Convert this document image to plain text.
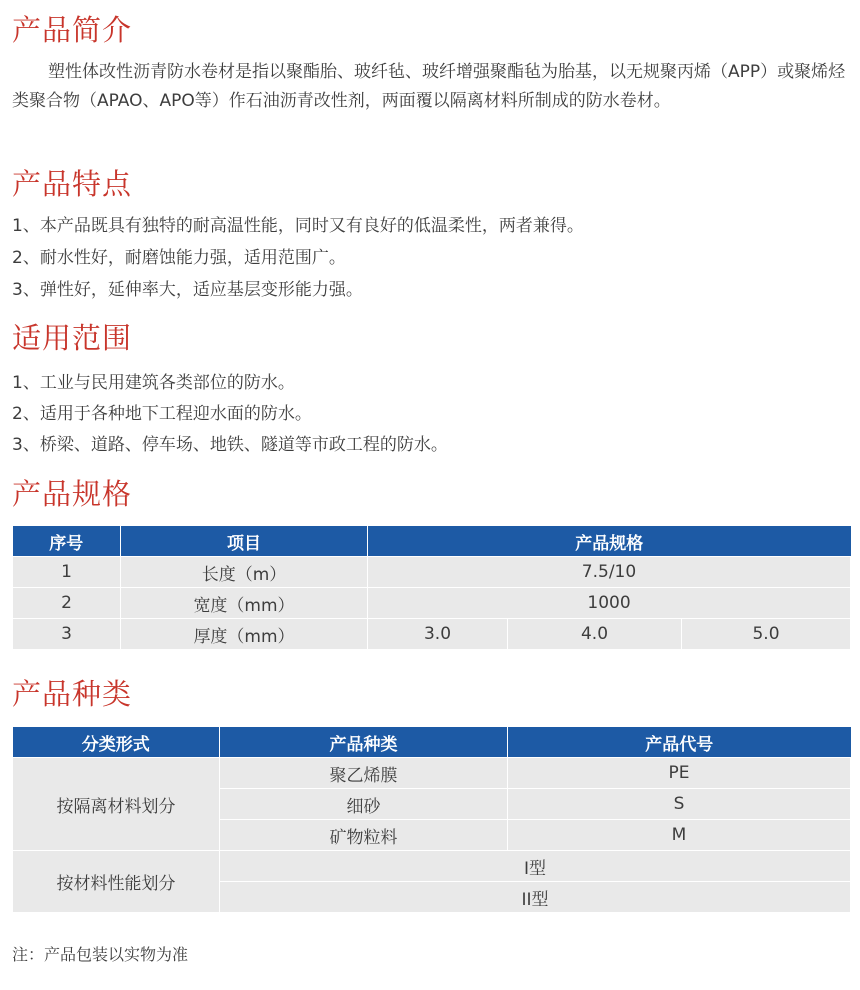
产品简介

塑性体改性沥青防水卷材是指以聚酯胎、玻纤毡、玻纤增强聚酯毡为胎基，以无规聚丙烯（APP）或聚烯烃类聚合物（APAO、APO等）作石油沥青改性剂，两面覆以隔离材料所制成的防水卷材。

产品特点
1、本产品既具有独特的耐高温性能，同时又有良好的低温柔性，两者兼得。
2、耐水性好，耐磨蚀能力强，适用范围广。
3、弹性好，延伸率大，适应基层变形能力强。
适用范围
1、工业与民用建筑各类部位的防水。
2、适用于各种地下工程迎水面的防水。
3、桥梁、道路、停车场、地铁、隧道等市政工程的防水。
产品规格
序号	项目	产品规格		
1	长度（m）	7.5/10		
2	宽度（mm）	1000		
3	厚度（mm）	3.0	4.0	5.0
产品种类
分类形式	产品种类	产品代号
按隔离材料划分	聚乙烯膜	PE
	细砂	S
	矿物粒料	M
按材料性能划分	I型	
	II型	
注：产品包装以实物为准
